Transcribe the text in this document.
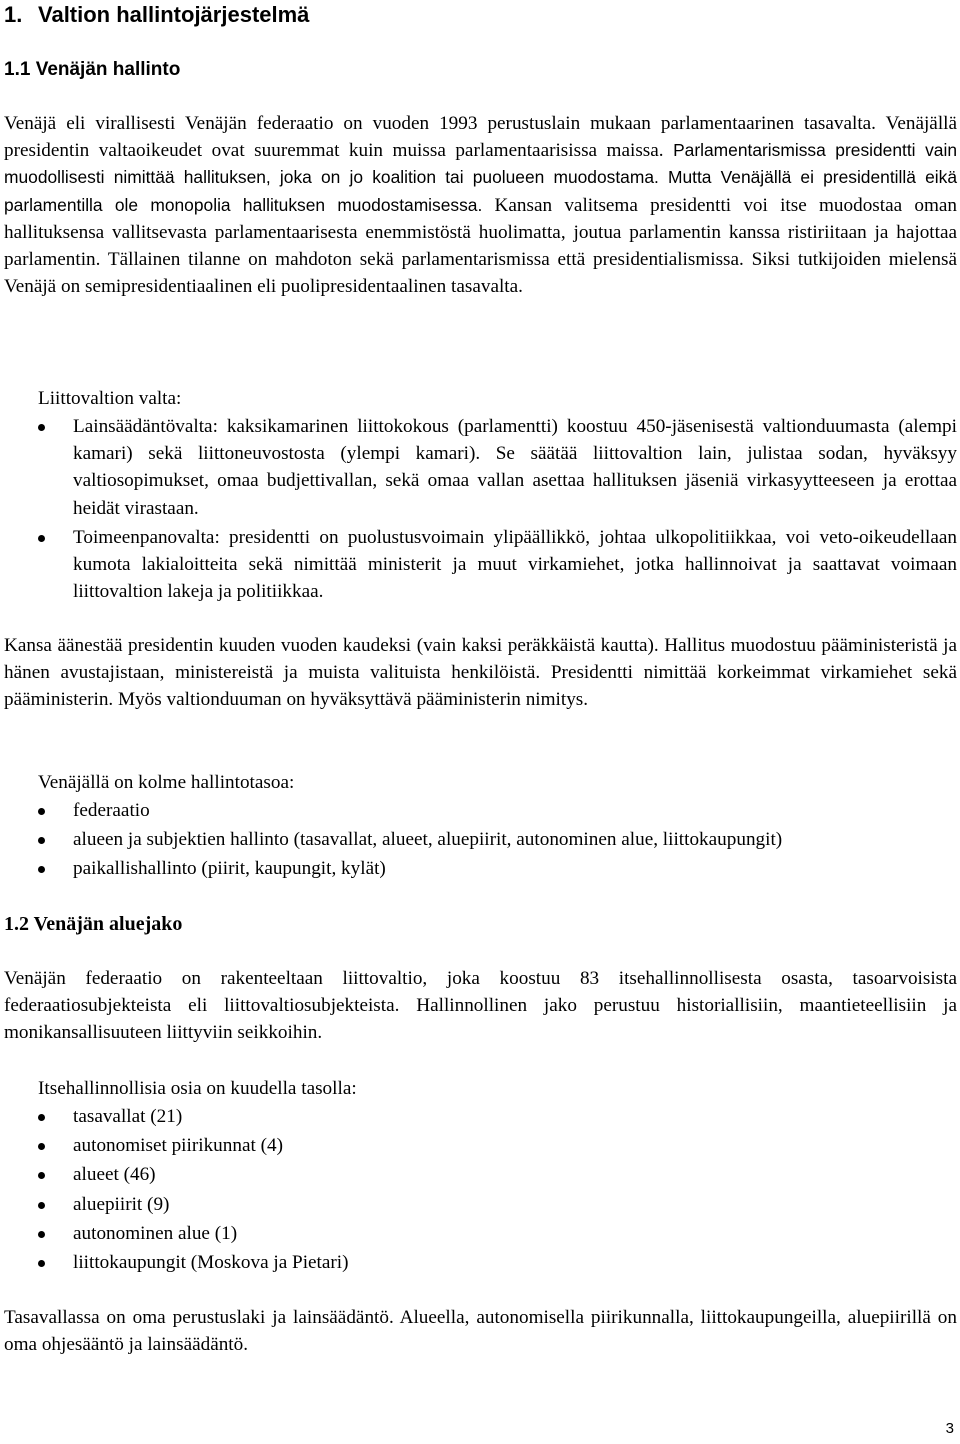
1. Valtion hallintojärjestelmä
1.1 Venäjän hallinto

Venäjä eli virallisesti Venäjän federaatio on vuoden 1993 perustuslain mukaan parlamentaarinen tasavalta. Venäjällä presidentin valtaoikeudet ovat suuremmat kuin muissa parlamentaarisissa maissa. Parlamentarismissa presidentti vain muodollisesti nimittää hallituksen, joka on jo koalition tai puolueen muodostama. Mutta Venäjällä ei presidentillä eikä parlamentilla ole monopolia hallituksen muodostamisessa. Kansan valitsema presidentti voi itse muodostaa oman hallituksensa vallitsevasta parlamentaarisesta enemmistöstä huolimatta, joutua parlamentin kanssa ristiriitaan ja hajottaa parlamentin. Tällainen tilanne on mahdoton sekä parlamentarismissa että presidentialismissa. Siksi tutkijoiden mielensä Venäjä on semipresidentiaalinen eli puolipresidentaalinen tasavalta.

Liittovaltion valta:

Lainsäädäntövalta: kaksikamarinen liittokokous (parlamentti) koostuu 450-jäsenisestä valtionduumasta (alempi kamari) sekä liittoneuvostosta (ylempi kamari). Se säätää liittovaltion lain, julistaa sodan, hyväksyy valtiosopimukset, omaa budjettivallan, sekä omaa vallan asettaa hallituksen jäseniä virkasyytteeseen ja erottaa heidät virastaan.
Toimeenpanovalta: presidentti on puolustusvoimain ylipäällikkö, johtaa ulkopolitiikkaa, voi veto-oikeudellaan kumota lakialoitteita sekä nimittää ministerit ja muut virkamiehet, jotka hallinnoivat ja saattavat voimaan liittovaltion lakeja ja politiikkaa.

Kansa äänestää presidentin kuuden vuoden kaudeksi (vain kaksi peräkkäistä kautta). Hallitus muodostuu pääministeristä ja hänen avustajistaan, ministereistä ja muista valituista henkilöistä. Presidentti nimittää korkeimmat virkamiehet sekä pääministerin. Myös valtionduuman on hyväksyttävä pääministerin nimitys.

Venäjällä on kolme hallintotasoa:

federaatio
alueen ja subjektien hallinto (tasavallat, alueet, aluepiirit, autonominen alue, liittokaupungit)
paikallishallinto (piirit, kaupungit, kylät)
1.2 Venäjän aluejako

Venäjän federaatio on rakenteeltaan liittovaltio, joka koostuu 83 itsehallinnollisesta osasta, tasoarvoisista federaatiosubjekteista eli liittovaltiosubjekteista. Hallinnollinen jako perustuu historiallisiin, maantieteellisiin ja monikansallisuuteen liittyviin seikkoihin.

Itsehallinnollisia osia on kuudella tasolla:

tasavallat (21)
autonomiset piirikunnat (4)
alueet (46)
aluepiirit (9)
autonominen alue (1)
liittokaupungit (Moskova ja Pietari)

Tasavallassa on oma perustuslaki ja lainsäädäntö. Alueella, autonomisella piirikunnalla, liittokaupungeilla, aluepiirillä on oma ohjesääntö ja lainsäädäntö.

3
